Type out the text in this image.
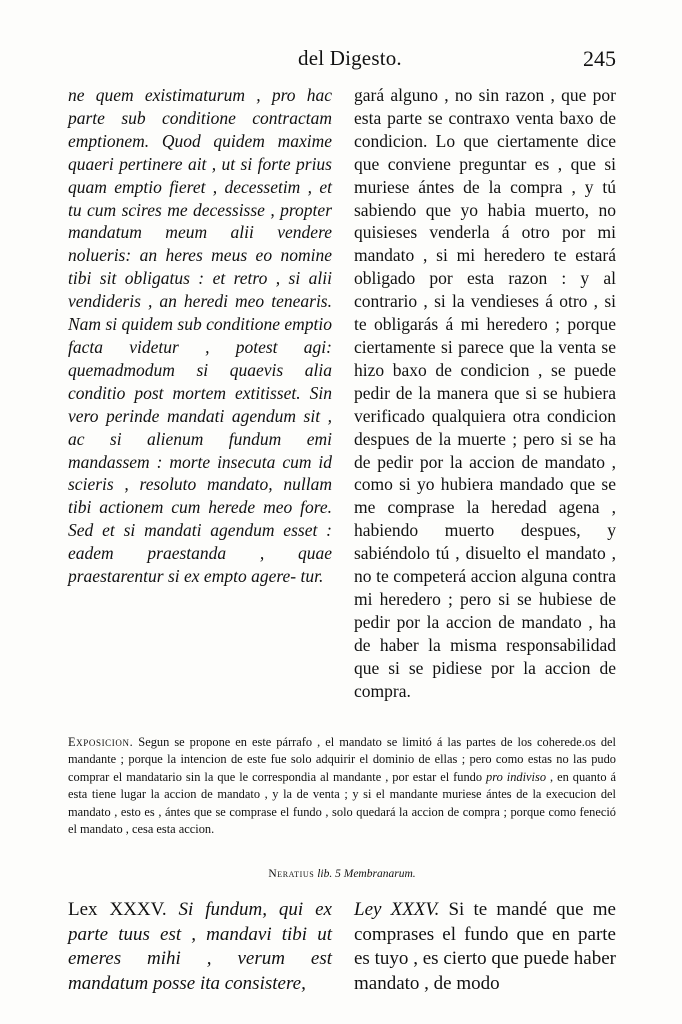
del Digesto.	245

ne quem existimaturum , pro hac parte sub conditione contractam emptionem. Quod quidem maxime quaeri pertinere ait , ut si forte prius quam emptio fieret , decessetim , et tu cum scires me decessisse , propter mandatum meum alii vendere nolueris: an heres meus eo nomine tibi sit obligatus : et retro , si alii vendideris , an heredi meo tenearis. Nam si quidem sub conditione emptio facta videtur , potest agi: quemadmodum si quaevis alia conditio post mortem extitisset. Sin vero perinde mandati agendum sit , ac si alienum fundum emi mandassem : morte insecuta cum id scieris , resoluto mandato, nullam tibi actionem cum herede meo fore. Sed et si mandati agendum esset : eadem praestanda , quae praestarentur si ex empto agere- tur.

gará alguno , no sin razon , que por esta parte se contraxo venta baxo de condicion. Lo que ciertamente dice que conviene preguntar es , que si muriese ántes de la compra , y tú sabiendo que yo habia muerto, no quisieses venderla á otro por mi mandato , si mi heredero te estará obligado por esta razon : y al contrario , si la vendieses á otro , si te obligarás á mi heredero ; porque ciertamente si parece que la venta se hizo baxo de condicion , se puede pedir de la manera que si se hubiera verificado qualquiera otra condicion despues de la muerte ; pero si se ha de pedir por la accion de mandato , como si yo hubiera mandado que se me comprase la heredad agena , habiendo muerto despues, y sabiéndolo tú , disuelto el mandato , no te competerá accion alguna contra mi heredero ; pero si se hubiese de pedir por la accion de mandato , ha de haber la misma responsabilidad que si se pidiese por la accion de compra.

Exposicion. Segun se propone en este párrafo , el mandato se limitó á las partes de los coherede.os del mandante ; porque la intencion de este fue solo adquirir el dominio de ellas ; pero como estas no las pudo comprar el mandatario sin la que le correspondia al mandante , por estar el fundo pro indiviso , en quanto á esta tiene lugar la accion de mandato , y la de venta ; y si el mandante muriese ántes de la execucion del mandato , esto es , ántes que se comprase el fundo , solo quedará la accion de compra ; porque como feneció el mandato , cesa esta accion.
Neratius lib. 5 Membranarum.
Lex XXXV. Si fundum, qui ex parte tuus est , mandavi tibi ut emeres mihi , verum est mandatum posse ita consistere,
Ley XXXV. Si te mandé que me comprases el fundo que en parte es tuyo , es cierto que puede haber mandato , de modo
